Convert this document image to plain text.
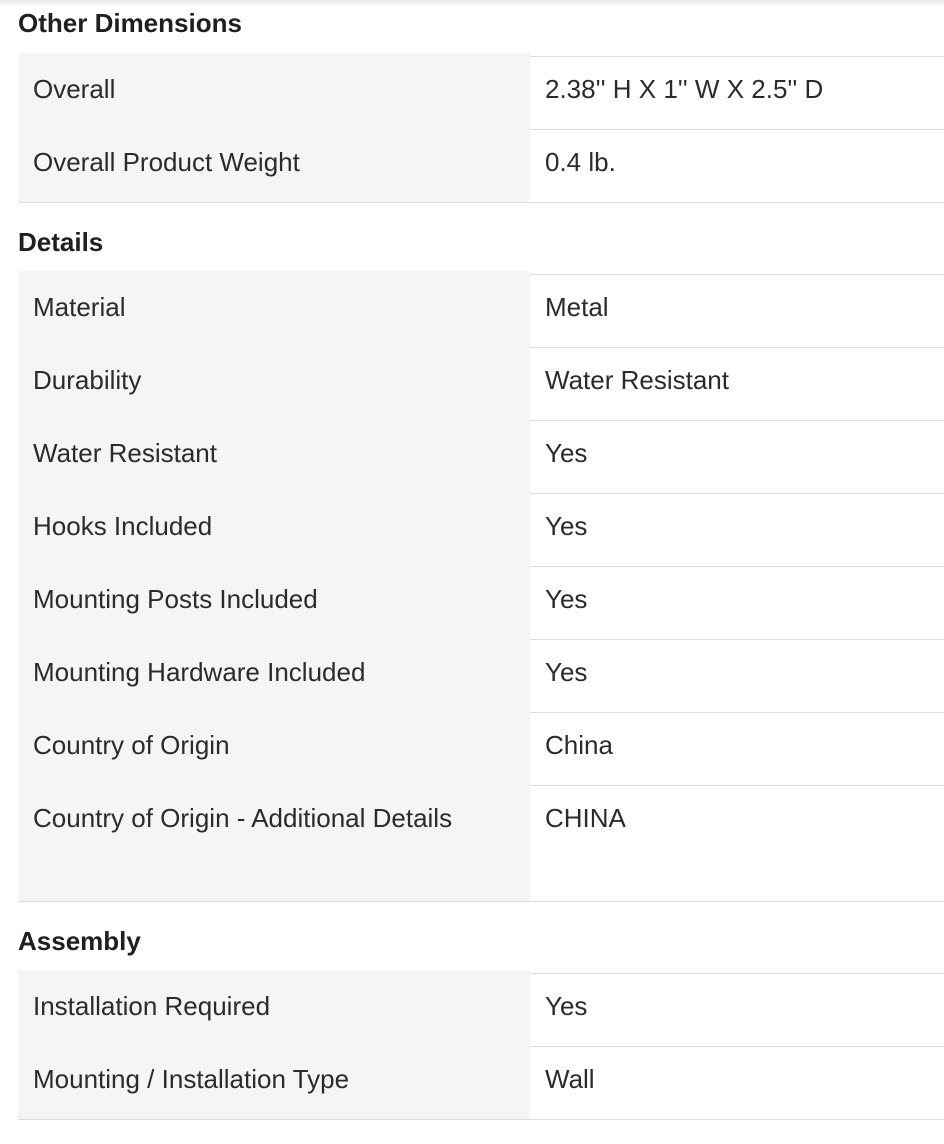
Other Dimensions
Overall	2.38'' H X 1'' W X 2.5'' D
Overall Product Weight	0.4 lb.
Details
Material	Metal
Durability	Water Resistant
Water Resistant	Yes
Hooks Included	Yes
Mounting Posts Included	Yes
Mounting Hardware Included	Yes
Country of Origin	China
Country of Origin - Additional Details	CHINA
Assembly
Installation Required	Yes
Mounting / Installation Type	Wall
